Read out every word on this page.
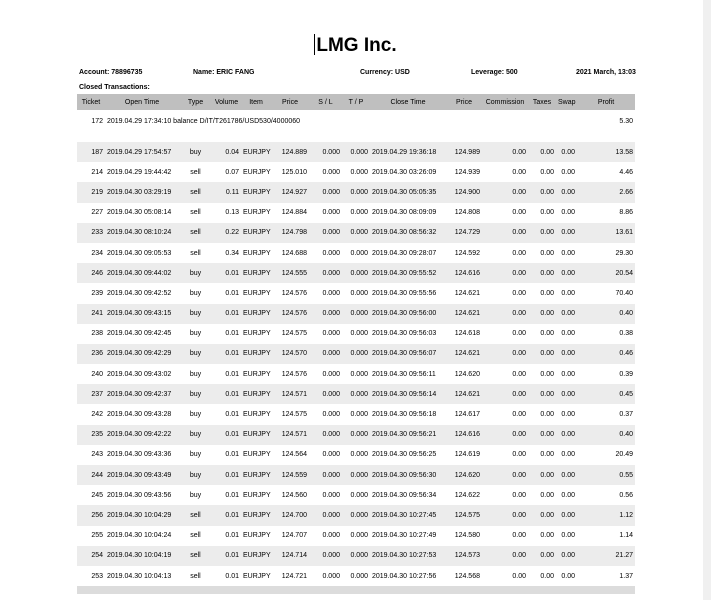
LMG Inc.
Account: 78896735	Name: ERIC FANG	Currency: USD	Leverage: 500	2021 March, 13:03
Closed Transactions:
Ticket	Open Time	Type	Volume	Item	Price	S / L	T / P	Close Time	Price	Commission	Taxes	Swap	Profit
172	2019.04.29 17:34:10 balance D/IT/T261786/USD530/4000060												5.30

187	2019.04.29 17:54:57	buy	0.04	EURJPY	124.889	0.000	0.000	2019.04.29 19:36:18	124.989	0.00	0.00	0.00	13.58
214	2019.04.29 19:44:42	sell	0.07	EURJPY	125.010	0.000	0.000	2019.04.30 03:26:09	124.939	0.00	0.00	0.00	4.46
219	2019.04.30 03:29:19	sell	0.11	EURJPY	124.927	0.000	0.000	2019.04.30 05:05:35	124.900	0.00	0.00	0.00	2.66
227	2019.04.30 05:08:14	sell	0.13	EURJPY	124.884	0.000	0.000	2019.04.30 08:09:09	124.808	0.00	0.00	0.00	8.86
233	2019.04.30 08:10:24	sell	0.22	EURJPY	124.798	0.000	0.000	2019.04.30 08:56:32	124.729	0.00	0.00	0.00	13.61
234	2019.04.30 09:05:53	sell	0.34	EURJPY	124.688	0.000	0.000	2019.04.30 09:28:07	124.592	0.00	0.00	0.00	29.30
246	2019.04.30 09:44:02	buy	0.01	EURJPY	124.555	0.000	0.000	2019.04.30 09:55:52	124.616	0.00	0.00	0.00	20.54
239	2019.04.30 09:42:52	buy	0.01	EURJPY	124.576	0.000	0.000	2019.04.30 09:55:56	124.621	0.00	0.00	0.00	70.40
241	2019.04.30 09:43:15	buy	0.01	EURJPY	124.576	0.000	0.000	2019.04.30 09:56:00	124.621	0.00	0.00	0.00	0.40
238	2019.04.30 09:42:45	buy	0.01	EURJPY	124.575	0.000	0.000	2019.04.30 09:56:03	124.618	0.00	0.00	0.00	0.38
236	2019.04.30 09:42:29	buy	0.01	EURJPY	124.570	0.000	0.000	2019.04.30 09:56:07	124.621	0.00	0.00	0.00	0.46
240	2019.04.30 09:43:02	buy	0.01	EURJPY	124.576	0.000	0.000	2019.04.30 09:56:11	124.620	0.00	0.00	0.00	0.39
237	2019.04.30 09:42:37	buy	0.01	EURJPY	124.571	0.000	0.000	2019.04.30 09:56:14	124.621	0.00	0.00	0.00	0.45
242	2019.04.30 09:43:28	buy	0.01	EURJPY	124.575	0.000	0.000	2019.04.30 09:56:18	124.617	0.00	0.00	0.00	0.37
235	2019.04.30 09:42:22	buy	0.01	EURJPY	124.571	0.000	0.000	2019.04.30 09:56:21	124.616	0.00	0.00	0.00	0.40
243	2019.04.30 09:43:36	buy	0.01	EURJPY	124.564	0.000	0.000	2019.04.30 09:56:25	124.619	0.00	0.00	0.00	20.49
244	2019.04.30 09:43:49	buy	0.01	EURJPY	124.559	0.000	0.000	2019.04.30 09:56:30	124.620	0.00	0.00	0.00	0.55
245	2019.04.30 09:43:56	buy	0.01	EURJPY	124.560	0.000	0.000	2019.04.30 09:56:34	124.622	0.00	0.00	0.00	0.56
256	2019.04.30 10:04:29	sell	0.01	EURJPY	124.700	0.000	0.000	2019.04.30 10:27:45	124.575	0.00	0.00	0.00	1.12
255	2019.04.30 10:04:24	sell	0.01	EURJPY	124.707	0.000	0.000	2019.04.30 10:27:49	124.580	0.00	0.00	0.00	1.14
254	2019.04.30 10:04:19	sell	0.01	EURJPY	124.714	0.000	0.000	2019.04.30 10:27:53	124.573	0.00	0.00	0.00	21.27
253	2019.04.30 10:04:13	sell	0.01	EURJPY	124.721	0.000	0.000	2019.04.30 10:27:56	124.568	0.00	0.00	0.00	1.37
